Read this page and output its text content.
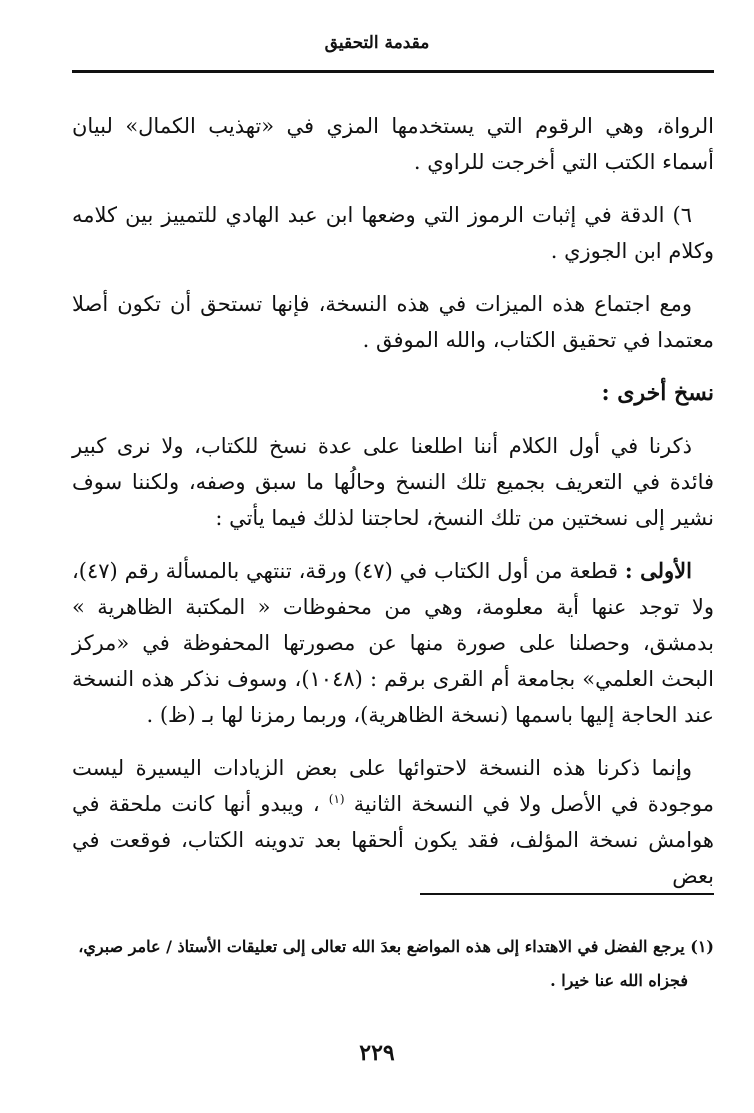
مقدمة التحقيق

الرواة، وهي الرقوم التي يستخدمها المزي في «تهذيب الكمال» لبيان أسماء الكتب التي أخرجت للراوي .

٦) الدقة في إثبات الرموز التي وضعها ابن عبد الهادي للتمييز بين كلامه وكلام ابن الجوزي .

ومع اجتماع هذه الميزات في هذه النسخة، فإنها تستحق أن تكون أصلا معتمدا في تحقيق الكتاب، والله الموفق .

نسخ أخرى :

ذكرنا في أول الكلام أننا اطلعنا على عدة نسخ للكتاب، ولا نرى كبير فائدة في التعريف بجميع تلك النسخ وحالُها ما سبق وصفه، ولكننا سوف نشير إلى نسختين من تلك النسخ، لحاجتنا لذلك فيما يأتي :

الأولى : قطعة من أول الكتاب في (٤٧) ورقة، تنتهي بالمسألة رقم (٤٧)، ولا توجد عنها أية معلومة، وهي من محفوظات « المكتبة الظاهرية » بدمشق، وحصلنا على صورة منها عن مصورتها المحفوظة في «مركز البحث العلمي» بجامعة أم القرى برقم : (١٠٤٨)، وسوف نذكر هذه النسخة عند الحاجة إليها باسمها (نسخة الظاهرية)، وربما رمزنا لها بـ (ظ) .

وإنما ذكرنا هذه النسخة لاحتوائها على بعض الزيادات اليسيرة ليست موجودة في الأصل ولا في النسخة الثانية $^{(١)}$ ، ويبدو أنها كانت ملحقة في هوامش نسخة المؤلف، فقد يكون ألحقها بعد تدوينه الكتاب، فوقعت في بعض

(١) يرجع الفضل في الاهتداء إلى هذه المواضع بعدَ الله تعالى إلى تعليقات الأستاذ / عامر صبري،

فجزاه الله عنا خيرا .

٢٢٩
